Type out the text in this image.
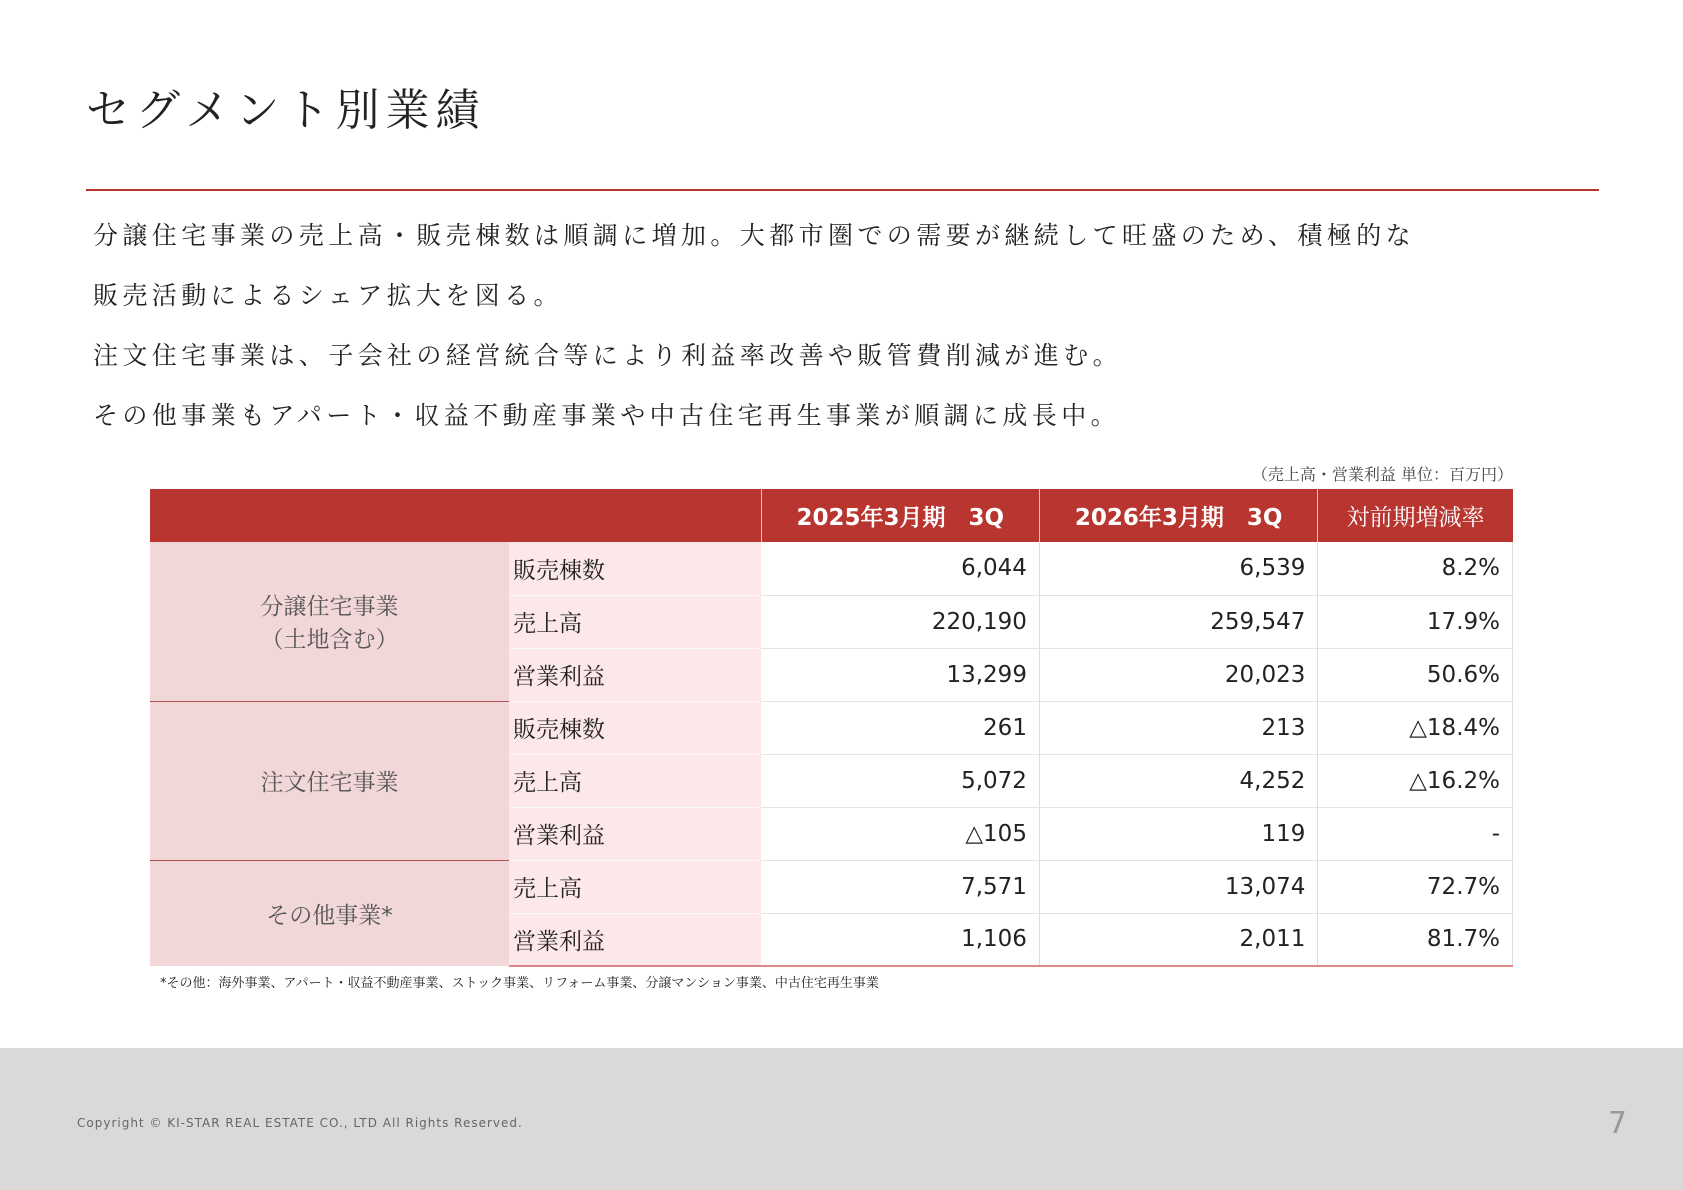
セグメント別業績
分譲住宅事業の売上高・販売棟数は順調に増加。大都市圏での需要が継続して旺盛のため、積極的な
販売活動によるシェア拡大を図る。
注文住宅事業は、子会社の経営統合等により利益率改善や販管費削減が進む。
その他事業もアパート・収益不動産事業や中古住宅再生事業が順調に成長中。
（売上高・営業利益 単位：百万円）
		2025年3月期　3Q	2026年3月期　3Q	対前期増減率
分譲住宅事業
（土地含む）	販売棟数	6,044	6,539	8.2%
	売上高	220,190	259,547	17.9%
	営業利益	13,299	20,023	50.6%
注文住宅事業	販売棟数	261	213	△18.4%
	売上高	5,072	4,252	△16.2%
	営業利益	△105	119	-
その他事業*	売上高	7,571	13,074	72.7%
	営業利益	1,106	2,011	81.7%
*その他：海外事業、アパート・収益不動産事業、ストック事業、リフォーム事業、分譲マンション事業、中古住宅再生事業
Copyright © KI-STAR REAL ESTATE CO., LTD All Rights Reserved.	7
